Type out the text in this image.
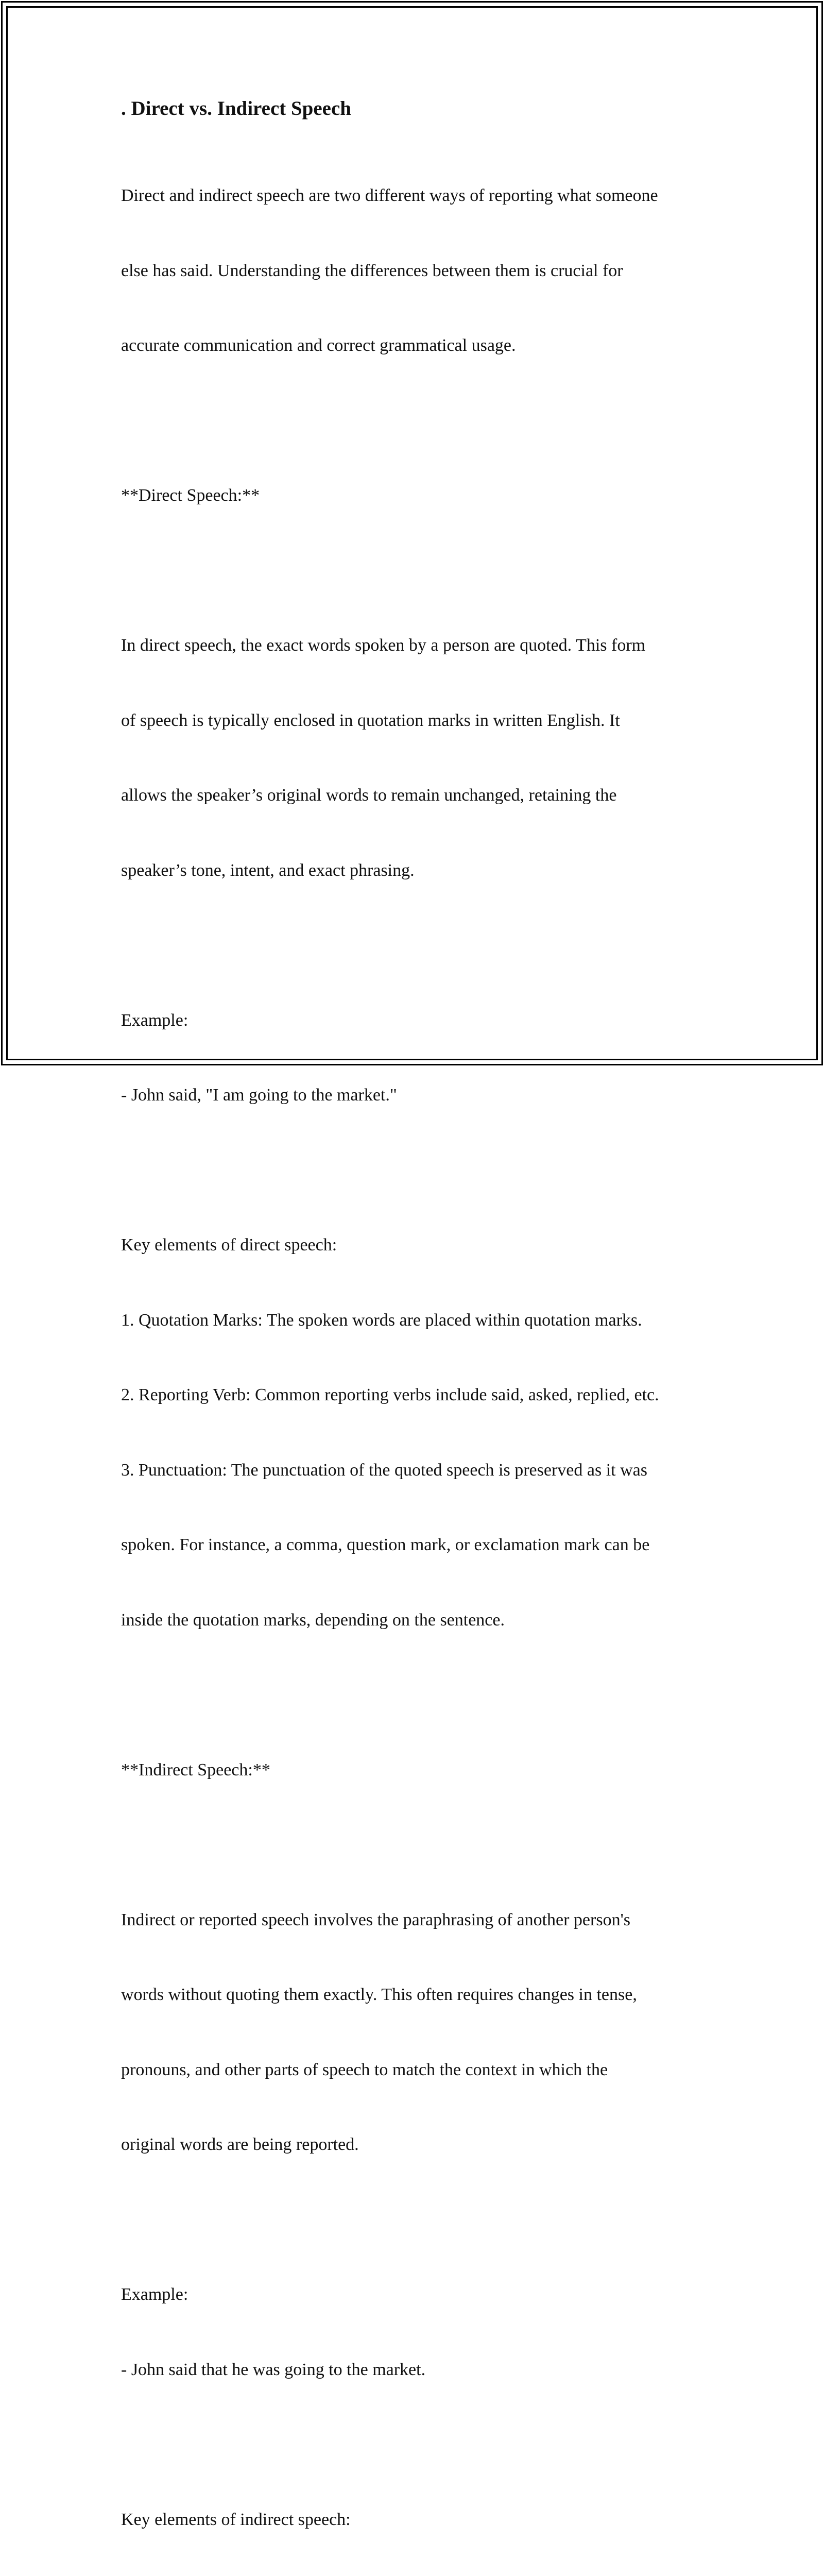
. Direct vs. Indirect Speech

Direct and indirect speech are two different ways of reporting what someone

else has said. Understanding the differences between them is crucial for

accurate communication and correct grammatical usage.

**Direct Speech:**

In direct speech, the exact words spoken by a person are quoted. This form

of speech is typically enclosed in quotation marks in written English. It

allows the speaker’s original words to remain unchanged, retaining the

speaker’s tone, intent, and exact phrasing.

Example:

- John said, "I am going to the market."

Key elements of direct speech:

1. Quotation Marks: The spoken words are placed within quotation marks.

2. Reporting Verb: Common reporting verbs include said, asked, replied, etc.

3. Punctuation: The punctuation of the quoted speech is preserved as it was

spoken. For instance, a comma, question mark, or exclamation mark can be

inside the quotation marks, depending on the sentence.

**Indirect Speech:**

Indirect or reported speech involves the paraphrasing of another person's

words without quoting them exactly. This often requires changes in tense,

pronouns, and other parts of speech to match the context in which the

original words are being reported.

Example:

- John said that he was going to the market.

Key elements of indirect speech:
